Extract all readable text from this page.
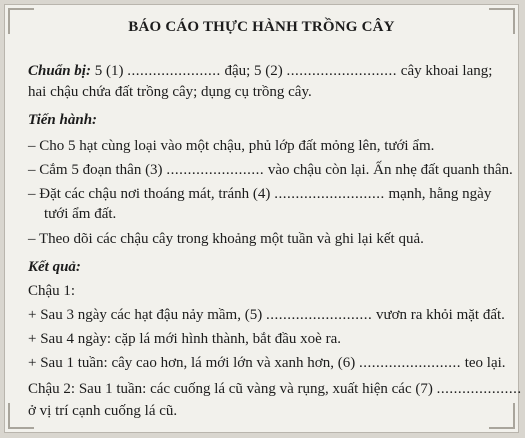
BÁO CÁO THỰC HÀNH TRỒNG CÂY
Chuẩn bị: 5 (1) ...................... đậu; 5 (2) .......................... cây khoai lang;
hai chậu chứa đất trồng cây; dụng cụ trồng cây.
Tiến hành:
– Cho 5 hạt cùng loại vào một chậu, phủ lớp đất mỏng lên, tưới ẩm.
– Cắm 5 đoạn thân (3) ....................... vào chậu còn lại. Ấn nhẹ đất quanh thân.
– Đặt các chậu nơi thoáng mát, tránh (4) .......................... mạnh, hằng ngày
tưới ẩm đất.
– Theo dõi các chậu cây trong khoảng một tuần và ghi lại kết quả.
Kết quả:
Chậu 1:
+ Sau 3 ngày các hạt đậu nảy mầm, (5) ......................... vươn ra khỏi mặt đất.
+ Sau 4 ngày: cặp lá mới hình thành, bắt đầu xoè ra.
+ Sau 1 tuần: cây cao hơn, lá mới lớn và xanh hơn, (6) ........................ teo lại.
Chậu 2: Sau 1 tuần: các cuống lá cũ vàng và rụng, xuất hiện các (7) ....................
ở vị trí cạnh cuống lá cũ.
